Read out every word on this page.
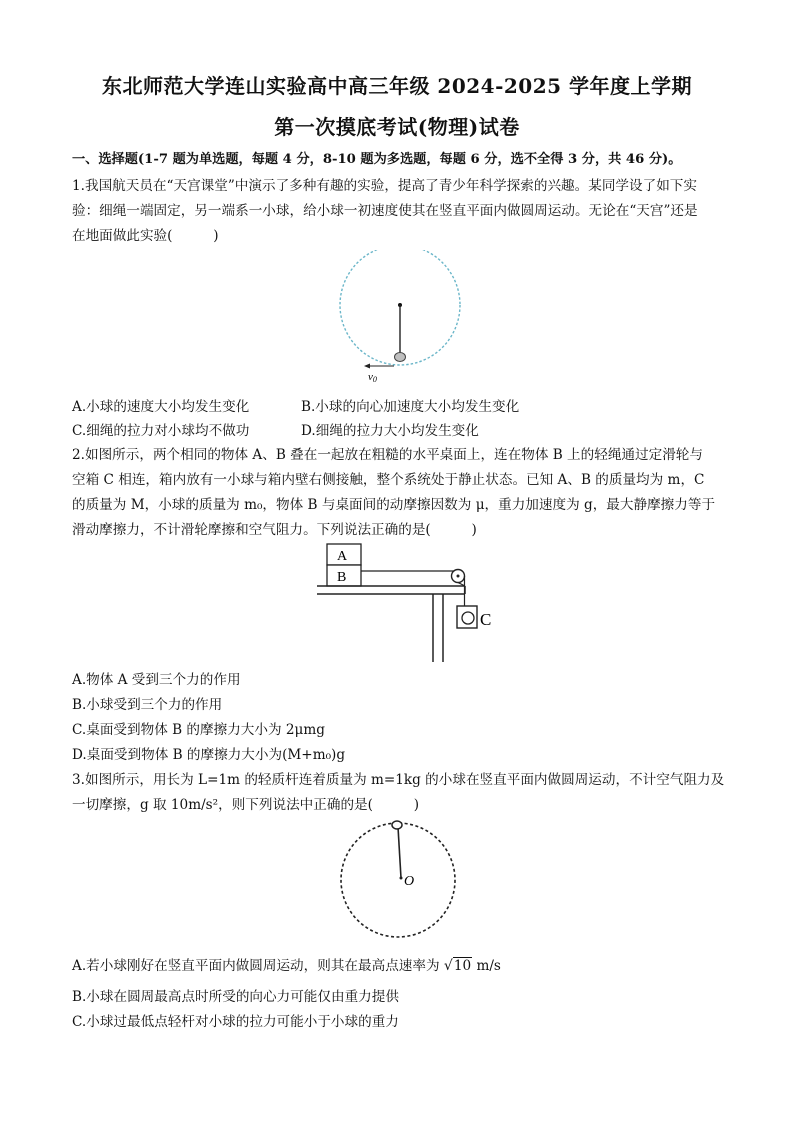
东北师范大学连山实验高中高三年级 2024-2025 学年度上学期
第一次摸底考试(物理)试卷
一、选择题(1-7 题为单选题，每题 4 分，8-10 题为多选题，每题 6 分，选不全得 3 分，共 46 分)。
1.我国航天员在“天宫课堂”中演示了多种有趣的实验，提高了青少年科学探索的兴趣。某同学设了如下实
验：细绳一端固定，另一端系一小球，给小球一初速度使其在竖直平面内做圆周运动。无论在“天宫”还是
在地面做此实验(　　　)
v0
A.小球的速度大小均发生变化	B.小球的向心加速度大小均发生变化
C.细绳的拉力对小球均不做功	D.细绳的拉力大小均发生变化
2.如图所示，两个相同的物体 A、B 叠在一起放在粗糙的水平桌面上，连在物体 B 上的轻绳通过定滑轮与
空箱 C 相连，箱内放有一小球与箱内壁右侧接触，整个系统处于静止状态。已知 A、B 的质量均为 m，C
的质量为 M，小球的质量为 m₀，物体 B 与桌面间的动摩擦因数为 μ，重力加速度为 g，最大静摩擦力等于
滑动摩擦力，不计滑轮摩擦和空气阻力。下列说法正确的是(　　　)
A
B
C
A.物体 A 受到三个力的作用
B.小球受到三个力的作用
C.桌面受到物体 B 的摩擦力大小为 2μmg
D.桌面受到物体 B 的摩擦力大小为(M+m₀)g
3.如图所示，用长为 L=1m 的轻质杆连着质量为 m=1kg 的小球在竖直平面内做圆周运动，不计空气阻力及
一切摩擦，g 取 10m/s²，则下列说法中正确的是(　　　)
O
A.若小球刚好在竖直平面内做圆周运动，则其在最高点速率为 √10 m/s
B.小球在圆周最高点时所受的向心力可能仅由重力提供
C.小球过最低点轻杆对小球的拉力可能小于小球的重力
